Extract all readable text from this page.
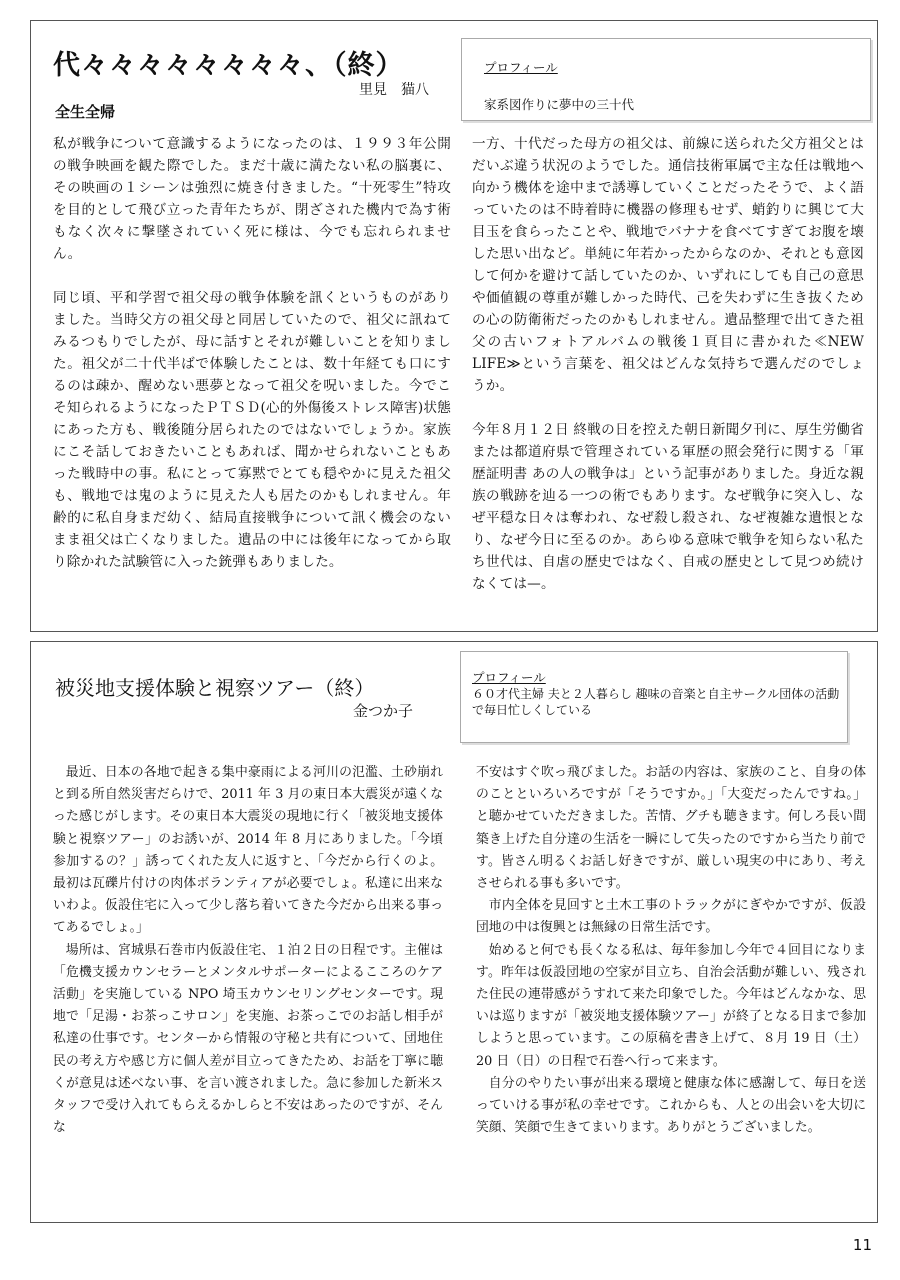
代々々々々々々々々、（終）
里見　猫八
全生全帰
プロフィール
家系図作りに夢中の三十代

私が戦争について意識するようになったのは、１９９３年公開の戦争映画を観た際でした。まだ十歳に満たない私の脳裏に、その映画の１シーンは強烈に焼き付きました。“十死零生”特攻を目的として飛び立った青年たちが、閉ざされた機内で為す術もなく次々に撃墜されていく死に様は、今でも忘れられません。

同じ頃、平和学習で祖父母の戦争体験を訊くというものがありました。当時父方の祖父母と同居していたので、祖父に訊ねてみるつもりでしたが、母に話すとそれが難しいことを知りました。祖父が二十代半ばで体験したことは、数十年経ても口にするのは疎か、醒めない悪夢となって祖父を呪いました。今でこそ知られるようになったＰＴＳＤ(心的外傷後ストレス障害)状態にあった方も、戦後随分居られたのではないでしょうか。家族にこそ話しておきたいこともあれば、聞かせられないこともあった戦時中の事。私にとって寡黙でとても穏やかに見えた祖父も、戦地では鬼のように見えた人も居たのかもしれません。年齢的に私自身まだ幼く、結局直接戦争について訊く機会のないまま祖父は亡くなりました。遺品の中には後年になってから取り除かれた試験管に入った銃弾もありました。

一方、十代だった母方の祖父は、前線に送られた父方祖父とはだいぶ違う状況のようでした。通信技術軍属で主な任は戦地へ向かう機体を途中まで誘導していくことだったそうで、よく語っていたのは不時着時に機器の修理もせず、蛸釣りに興じて大目玉を食らったことや、戦地でバナナを食べてすぎてお腹を壊した思い出など。単純に年若かったからなのか、それとも意図して何かを避けて話していたのか、いずれにしても自己の意思や価値観の尊重が難しかった時代、己を失わずに生き抜くための心の防衛術だったのかもしれません。遺品整理で出てきた祖父の古いフォトアルバムの戦後１頁目に書かれた≪NEW LIFE≫という言葉を、祖父はどんな気持ちで選んだのでしょうか。

今年８月１２日 終戦の日を控えた朝日新聞夕刊に、厚生労働省または都道府県で管理されている軍歴の照会発行に関する「軍歴証明書 あの人の戦争は」という記事がありました。身近な親族の戦跡を辿る一つの術でもあります。なぜ戦争に突入し、なぜ平穏な日々は奪われ、なぜ殺し殺され、なぜ複雑な遺恨となり、なぜ今日に至るのか。あらゆる意味で戦争を知らない私たち世代は、自虐の歴史ではなく、自戒の歴史として見つめ続けなくては—。

被災地支援体験と視察ツアー（終）
金つか子
プロフィール
６０才代主婦 夫と２人暮らし 趣味の音楽と自主サークル団体の活動で毎日忙しくしている

最近、日本の各地で起きる集中豪雨による河川の氾濫、土砂崩れと到る所自然災害だらけで、2011 年 3 月の東日本大震災が遠くなった感じがします。その東日本大震災の現地に行く「被災地支援体験と視察ツアー」のお誘いが、2014 年 8 月にありました。「今頃参加するの？」誘ってくれた友人に返すと、「今だから行くのよ。最初は瓦礫片付けの肉体ボランティアが必要でしょ。私達に出来ないわよ。仮設住宅に入って少し落ち着いてきた今だから出来る事ってあるでしょ。」

場所は、宮城県石巻市内仮設住宅、１泊２日の日程です。主催は「危機支援カウンセラーとメンタルサポーターによるこころのケア活動」を実施している NPO 埼玉カウンセリングセンターです。現地で「足湯・お茶っこサロン」を実施、お茶っこでのお話し相手が私達の仕事です。センターから情報の守秘と共有について、団地住民の考え方や感じ方に個人差が目立ってきたため、お話を丁寧に聴くが意見は述べない事、を言い渡されました。急に参加した新米スタッフで受け入れてもらえるかしらと不安はあったのですが、そんな

不安はすぐ吹っ飛びました。お話の内容は、家族のこと、自身の体のことといろいろですが「そうですか。」「大変だったんですね。」と聴かせていただきました。苦情、グチも聴きます。何しろ長い間築き上げた自分達の生活を一瞬にして失ったのですから当たり前です。皆さん明るくお話し好きですが、厳しい現実の中にあり、考えさせられる事も多いです。

市内全体を見回すと土木工事のトラックがにぎやかですが、仮設団地の中は復興とは無縁の日常生活です。

始めると何でも長くなる私は、毎年参加し今年で４回目になります。昨年は仮設団地の空家が目立ち、自治会活動が難しい、残された住民の連帯感がうすれて来た印象でした。今年はどんなかな、思いは巡りますが「被災地支援体験ツアー」が終了となる日まで参加しようと思っています。この原稿を書き上げて、８月 19 日（土）20 日（日）の日程で石巻へ行って来ます。

自分のやりたい事が出来る環境と健康な体に感謝して、毎日を送っていける事が私の幸せです。これからも、人との出会いを大切に笑顔、笑顔で生きてまいります。ありがとうございました。

11
